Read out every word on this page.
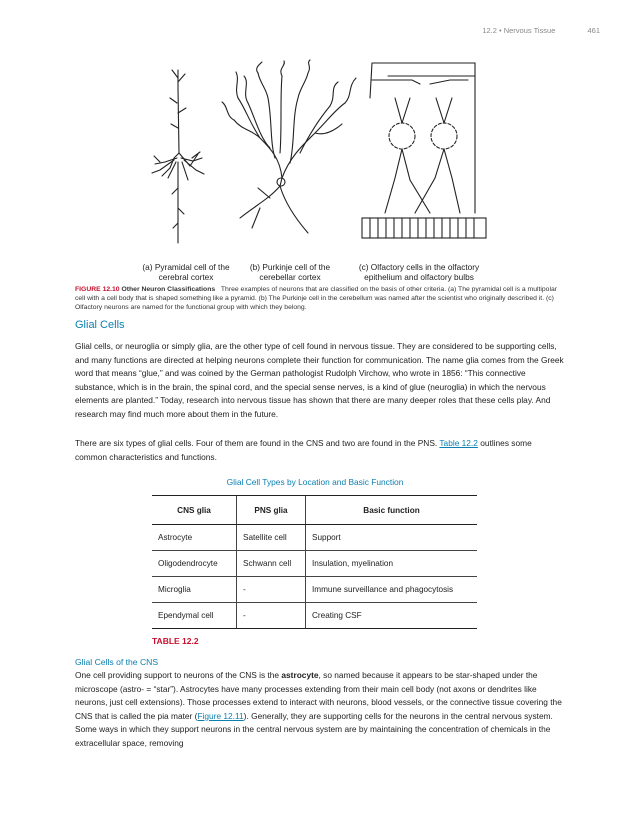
12.2 • Nervous Tissue	461
(a) Pyramidal cell of the cerebral cortex
(b) Purkinje cell of the cerebellar cortex
(c) Olfactory cells in the olfactory epithelium and olfactory bulbs
FIGURE 12.10 Other Neuron Classifications Three examples of neurons that are classified on the basis of other criteria. (a) The pyramidal cell is a multipolar cell with a cell body that is shaped something like a pyramid. (b) The Purkinje cell in the cerebellum was named after the scientist who originally described it. (c) Olfactory neurons are named for the functional group with which they belong.
Glial Cells

Glial cells, or neuroglia or simply glia, are the other type of cell found in nervous tissue. They are considered to be supporting cells, and many functions are directed at helping neurons complete their function for communication. The name glia comes from the Greek word that means “glue,” and was coined by the German pathologist Rudolph Virchow, who wrote in 1856: “This connective substance, which is in the brain, the spinal cord, and the special sense nerves, is a kind of glue (neuroglia) in which the nervous elements are planted.” Today, research into nervous tissue has shown that there are many deeper roles that these cells play. And research may find much more about them in the future.

There are six types of glial cells. Four of them are found in the CNS and two are found in the PNS. Table 12.2 outlines some common characteristics and functions.

Glial Cell Types by Location and Basic Function
CNS glia	PNS glia	Basic function
Astrocyte	Satellite cell	Support
Oligodendrocyte	Schwann cell	Insulation, myelination
Microglia	-	Immune surveillance and phagocytosis
Ependymal cell	-	Creating CSF
TABLE 12.2
Glial Cells of the CNS

One cell providing support to neurons of the CNS is the astrocyte, so named because it appears to be star-shaped under the microscope (astro- = “star”). Astrocytes have many processes extending from their main cell body (not axons or dendrites like neurons, just cell extensions). Those processes extend to interact with neurons, blood vessels, or the connective tissue covering the CNS that is called the pia mater (Figure 12.11). Generally, they are supporting cells for the neurons in the central nervous system. Some ways in which they support neurons in the central nervous system are by maintaining the concentration of chemicals in the extracellular space, removing
